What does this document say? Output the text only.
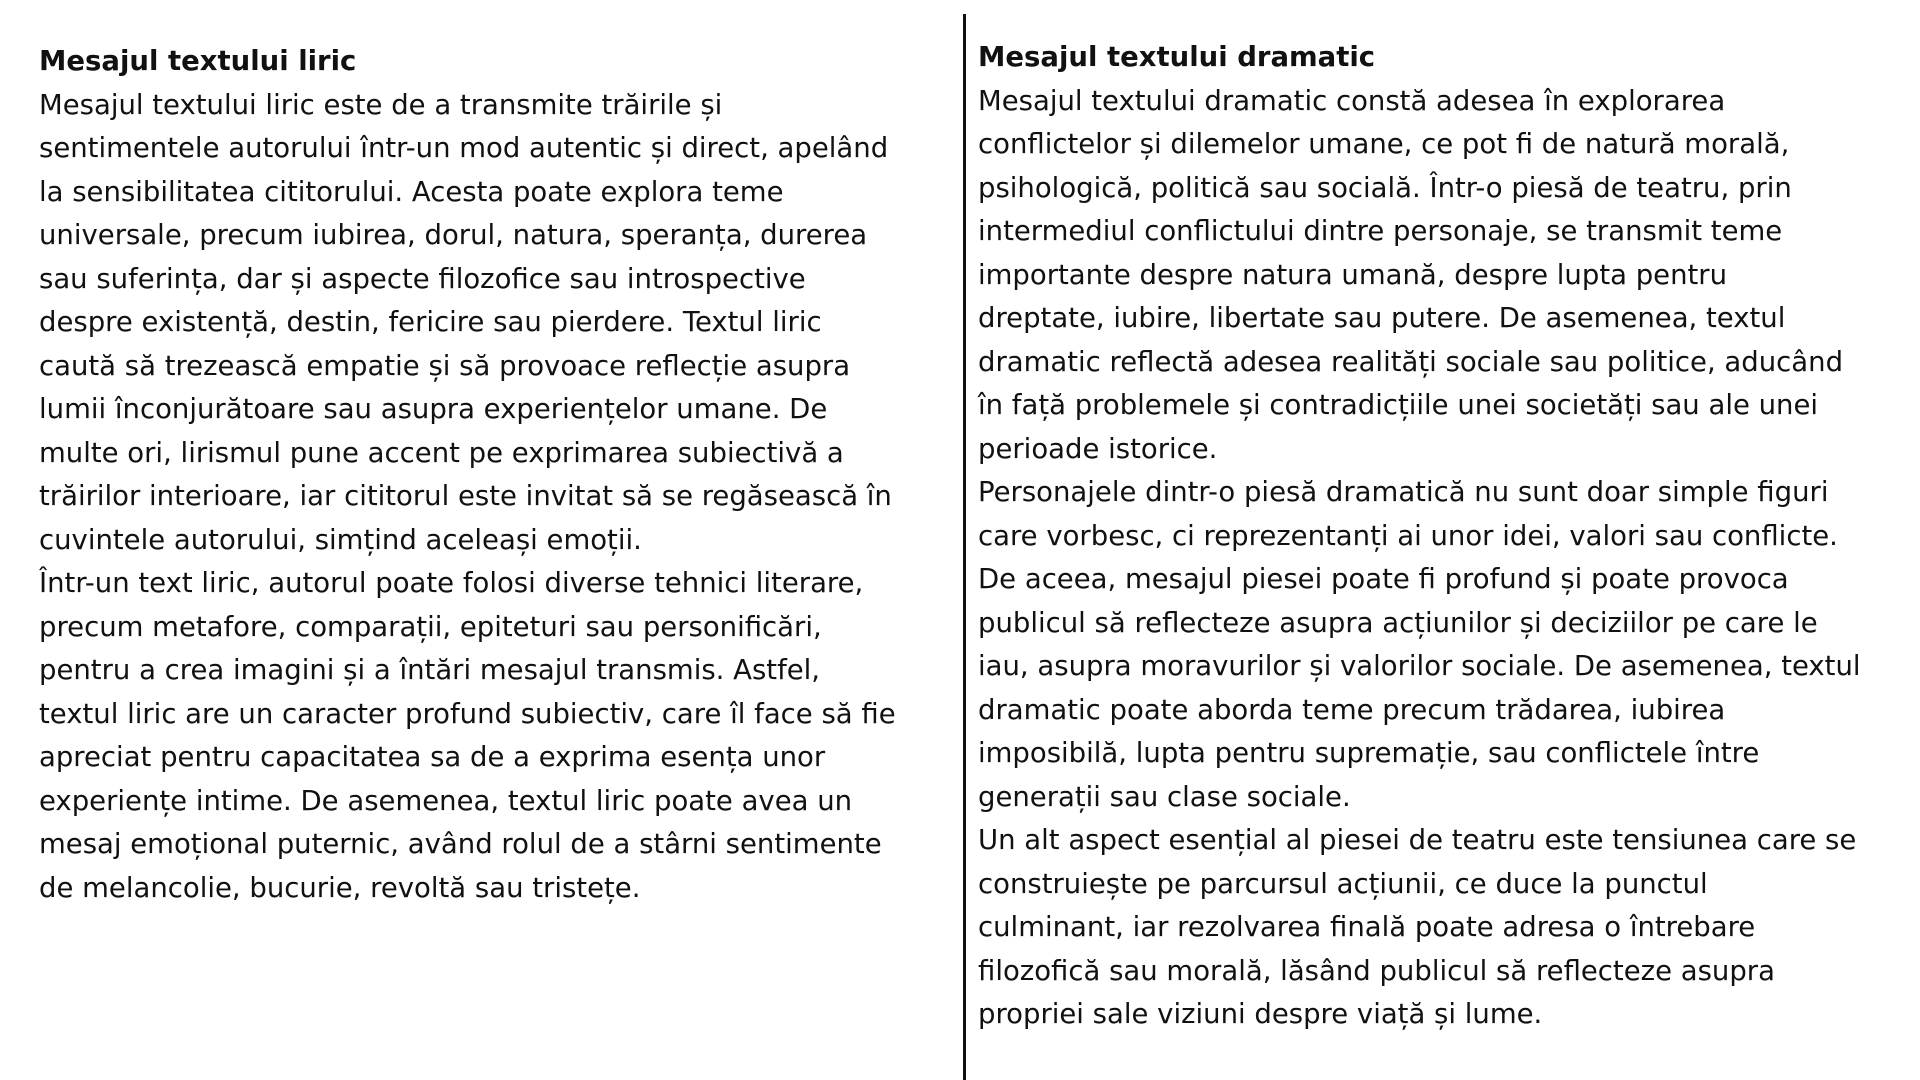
Mesajul textului liric
Mesajul textului liric este de a transmite trăirile și
sentimentele autorului într-un mod autentic și direct, apelând
la sensibilitatea cititorului. Acesta poate explora teme
universale, precum iubirea, dorul, natura, speranța, durerea
sau suferința, dar și aspecte filozofice sau introspective
despre existență, destin, fericire sau pierdere. Textul liric
caută să trezească empatie și să provoace reflecție asupra
lumii înconjurătoare sau asupra experiențelor umane. De
multe ori, lirismul pune accent pe exprimarea subiectivă a
trăirilor interioare, iar cititorul este invitat să se regăsească în
cuvintele autorului, simțind aceleași emoții.
Într-un text liric, autorul poate folosi diverse tehnici literare,
precum metafore, comparații, epiteturi sau personificări,
pentru a crea imagini și a întări mesajul transmis. Astfel,
textul liric are un caracter profund subiectiv, care îl face să fie
apreciat pentru capacitatea sa de a exprima esența unor
experiențe intime. De asemenea, textul liric poate avea un
mesaj emoțional puternic, având rolul de a stârni sentimente
de melancolie, bucurie, revoltă sau tristețe.
Mesajul textului dramatic
Mesajul textului dramatic constă adesea în explorarea
conflictelor și dilemelor umane, ce pot fi de natură morală,
psihologică, politică sau socială. Într-o piesă de teatru, prin
intermediul conflictului dintre personaje, se transmit teme
importante despre natura umană, despre lupta pentru
dreptate, iubire, libertate sau putere. De asemenea, textul
dramatic reflectă adesea realități sociale sau politice, aducând
în față problemele și contradicțiile unei societăți sau ale unei
perioade istorice.
Personajele dintr-o piesă dramatică nu sunt doar simple figuri
care vorbesc, ci reprezentanți ai unor idei, valori sau conflicte.
De aceea, mesajul piesei poate fi profund și poate provoca
publicul să reflecteze asupra acțiunilor și deciziilor pe care le
iau, asupra moravurilor și valorilor sociale. De asemenea, textul
dramatic poate aborda teme precum trădarea, iubirea
imposibilă, lupta pentru supremație, sau conflictele între
generații sau clase sociale.
Un alt aspect esențial al piesei de teatru este tensiunea care se
construiește pe parcursul acțiunii, ce duce la punctul
culminant, iar rezolvarea finală poate adresa o întrebare
filozofică sau morală, lăsând publicul să reflecteze asupra
propriei sale viziuni despre viață și lume.
